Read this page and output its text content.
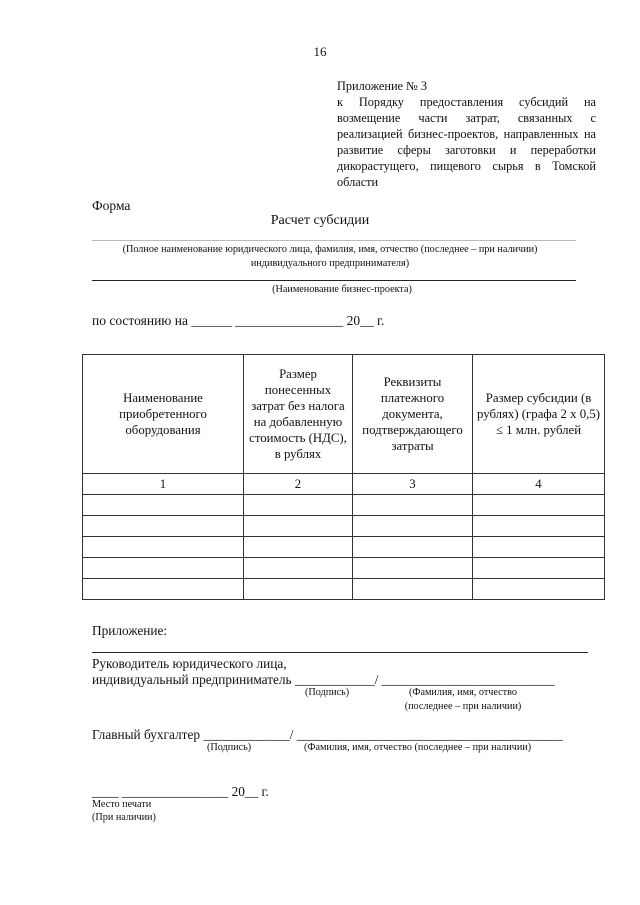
16
Приложение № 3
к Порядку предоставления субсидий на возмещение части затрат, связанных с реализацией бизнес-проектов, направленных на развитие сферы заготовки и переработки дикорастущего, пищевого сырья в Томской области
Форма
Расчет субсидии
(Полное наименование юридического лица, фамилия, имя, отчество (последнее – при наличии) индивидуального предпринимателя)
(Наименование бизнес-проекта)
по состоянию на ______ ________________ 20__ г.
Наименование приобретенного оборудования	Размер понесенных затрат без налога на добавленную стоимость (НДС), в рублях	Реквизиты платежного документа, подтверждающего затраты	Размер субсидии (в рублях) (графа 2 х 0,5) ≤ 1 млн. рублей
1	2	3	4

Приложение:
Руководитель юридического лица,
индивидуальный предприниматель ____________/ __________________________
(Подпись)	(Фамилия, имя, отчество (последнее – при наличии)
Главный бухгалтер _____________/ ________________________________________
(Подпись)	(Фамилия, имя, отчество (последнее – при наличии)
____ ________________ 20__ г.
Место печати
(При наличии)
